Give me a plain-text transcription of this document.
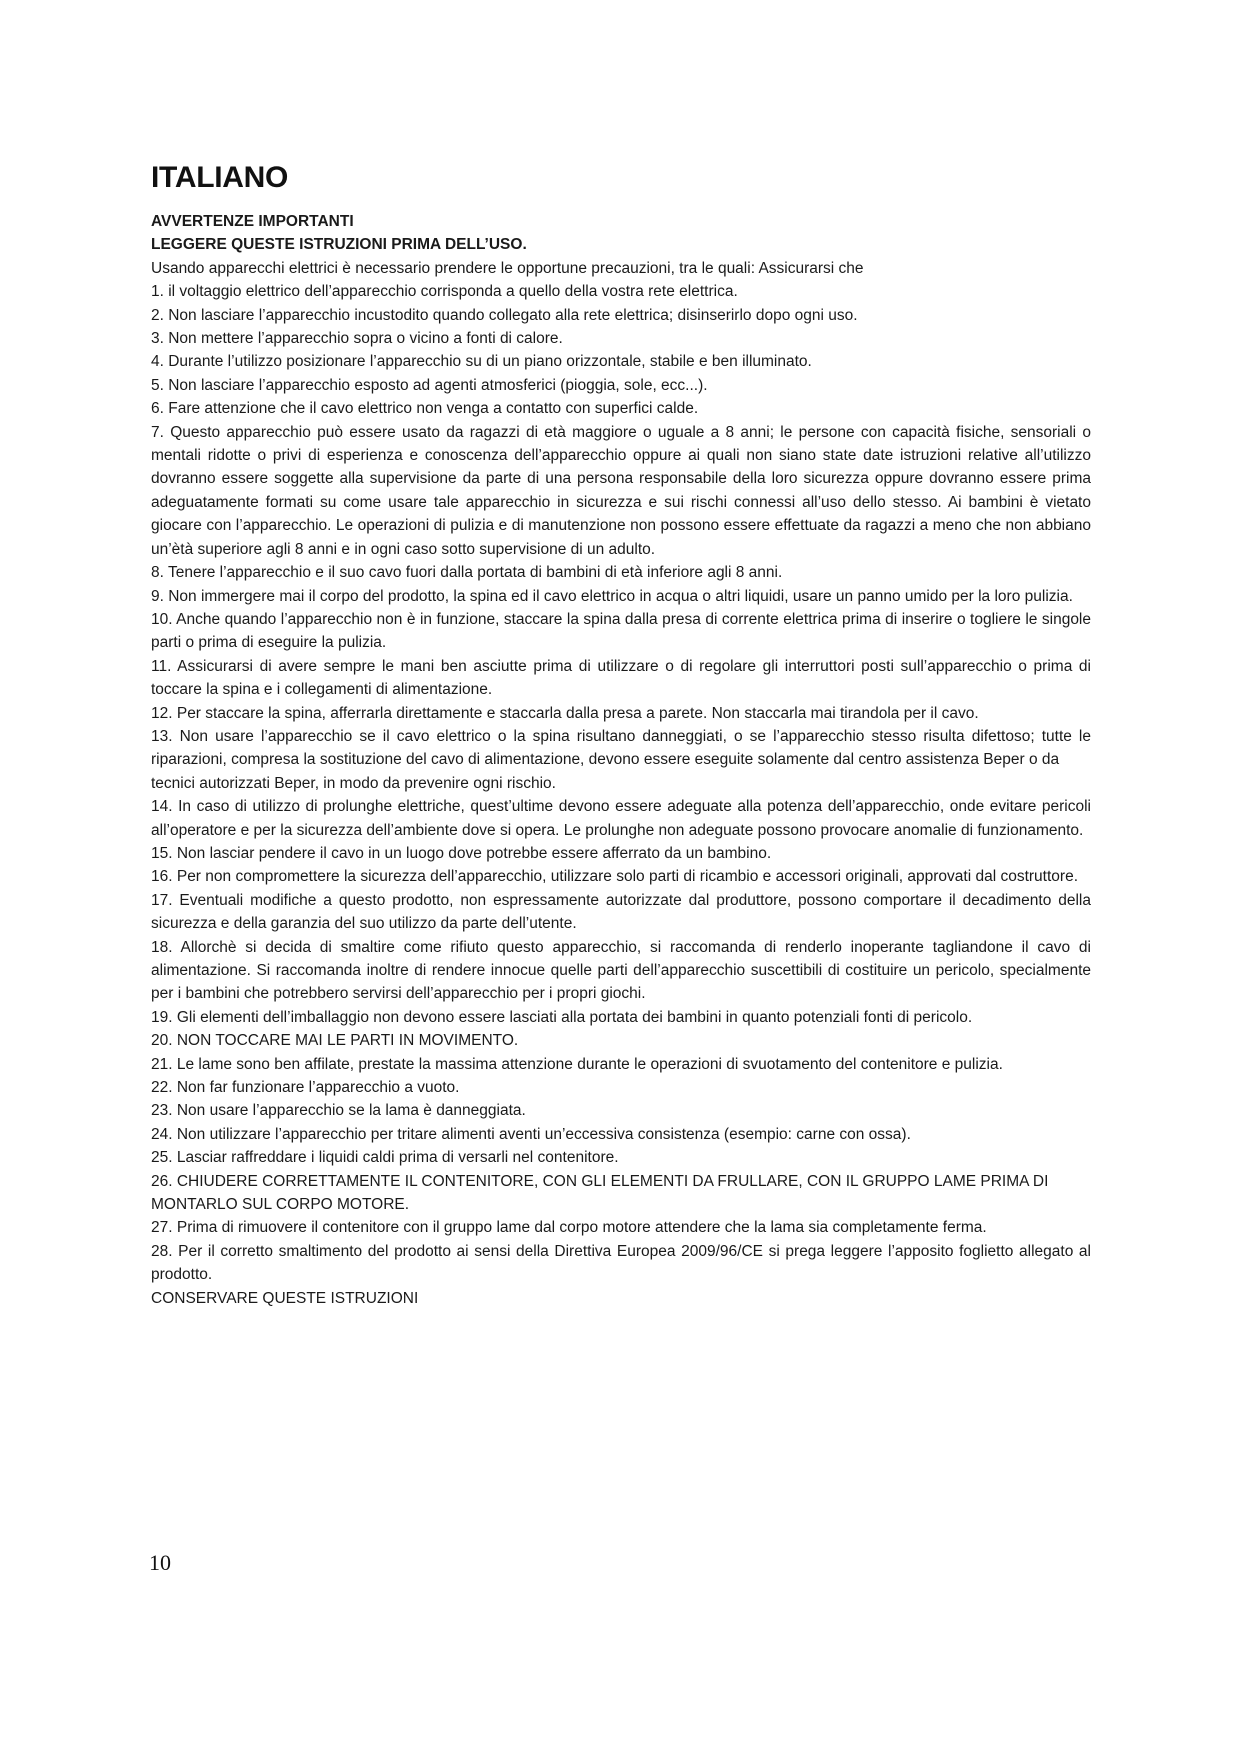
ITALIANO

AVVERTENZE IMPORTANTI

LEGGERE QUESTE ISTRUZIONI PRIMA DELL’USO.

Usando apparecchi elettrici è necessario prendere le opportune precauzioni, tra le quali: Assicurarsi che

1. il voltaggio elettrico dell’apparecchio corrisponda a quello della vostra rete elettrica.

2. Non lasciare l’apparecchio incustodito quando collegato alla rete elettrica; disinserirlo dopo ogni uso.

3. Non mettere l’apparecchio sopra o vicino a fonti di calore.

4. Durante l’utilizzo posizionare l’apparecchio su di un piano orizzontale, stabile e ben illuminato.

5. Non lasciare l’apparecchio esposto ad agenti atmosferici (pioggia, sole, ecc...).

6. Fare attenzione che il cavo elettrico non venga a contatto con superfici calde.

7. Questo apparecchio può essere usato da ragazzi di età maggiore o uguale a 8 anni; le persone con capacità fisiche, sensoriali o mentali ridotte o privi di esperienza e conoscenza dell’apparecchio oppure ai quali non siano state date istruzioni relative all’utilizzo dovranno essere soggette alla supervisione da parte di una persona responsabile della loro sicurezza oppure dovranno essere prima adeguatamente formati su come usare tale apparecchio in sicurezza e sui rischi connessi all’uso dello stesso. Ai bambini è vietato giocare con l’apparecchio. Le operazioni di pulizia e di manutenzione non possono essere effettuate da ragazzi a meno che non abbiano un’ètà superiore agli 8 anni e in ogni caso sotto supervisione di un adulto.

8. Tenere l’apparecchio e il suo cavo fuori dalla portata di bambini di età inferiore agli 8 anni.

9. Non immergere mai il corpo del prodotto, la spina ed il cavo elettrico in acqua o altri liquidi, usare un panno umido per la loro pulizia.

10. Anche quando l’apparecchio non è in funzione, staccare la spina dalla presa di corrente elettrica prima di inserire o togliere le singole parti o prima di eseguire la pulizia.

11. Assicurarsi di avere sempre le mani ben asciutte prima di utilizzare o di regolare gli interruttori posti sull’apparecchio o prima di toccare la spina e i collegamenti di alimentazione.

12. Per staccare la spina, afferrarla direttamente e staccarla dalla presa a parete. Non staccarla mai tirandola per il cavo.

13. Non usare l’apparecchio se il cavo elettrico o la spina risultano danneggiati, o se l’apparecchio stesso risulta difettoso; tutte le riparazioni, compresa la sostituzione del cavo di alimentazione, devono essere eseguite solamente dal centro assistenza Beper o da

tecnici autorizzati Beper, in modo da prevenire ogni rischio.

14. In caso di utilizzo di prolunghe elettriche, quest’ultime devono essere adeguate alla potenza dell’apparecchio, onde evitare pericoli all’operatore e per la sicurezza dell’ambiente dove si opera. Le prolunghe non adeguate possono provocare anomalie di funzionamento.

15. Non lasciar pendere il cavo in un luogo dove potrebbe essere afferrato da un bambino.

16. Per non compromettere la sicurezza dell’apparecchio, utilizzare solo parti di ricambio e accessori originali, approvati dal costruttore.

17. Eventuali modifiche a questo prodotto, non espressamente autorizzate dal produttore, possono comportare il decadimento della sicurezza e della garanzia del suo utilizzo da parte dell’utente.

18. Allorchè si decida di smaltire come rifiuto questo apparecchio, si raccomanda di renderlo inoperante tagliandone il cavo di alimentazione. Si raccomanda inoltre di rendere innocue quelle parti dell’apparecchio suscettibili di costituire un pericolo, specialmente per i bambini che potrebbero servirsi dell’apparecchio per i propri giochi.

19. Gli elementi dell’imballaggio non devono essere lasciati alla portata dei bambini in quanto potenziali fonti di pericolo.

20. NON TOCCARE MAI LE PARTI IN MOVIMENTO.

21. Le lame sono ben affilate, prestate la massima attenzione durante le operazioni di svuotamento del contenitore e pulizia.

22. Non far funzionare l’apparecchio a vuoto.

23. Non usare l’apparecchio se la lama è danneggiata.

24. Non utilizzare l’apparecchio per tritare alimenti aventi un’eccessiva consistenza (esempio: carne con ossa).

25. Lasciar raffreddare i liquidi caldi prima di versarli nel contenitore.

26. CHIUDERE CORRETTAMENTE IL CONTENITORE, CON GLI ELEMENTI DA FRULLARE, CON IL GRUPPO LAME PRIMA DI MONTARLO SUL CORPO MOTORE.

27. Prima di rimuovere il contenitore con il gruppo lame dal corpo motore attendere che la lama sia completamente ferma.

28. Per il corretto smaltimento del prodotto ai sensi della Direttiva Europea 2009/96/CE si prega leggere l’apposito foglietto allegato al prodotto.

CONSERVARE QUESTE ISTRUZIONI

10
